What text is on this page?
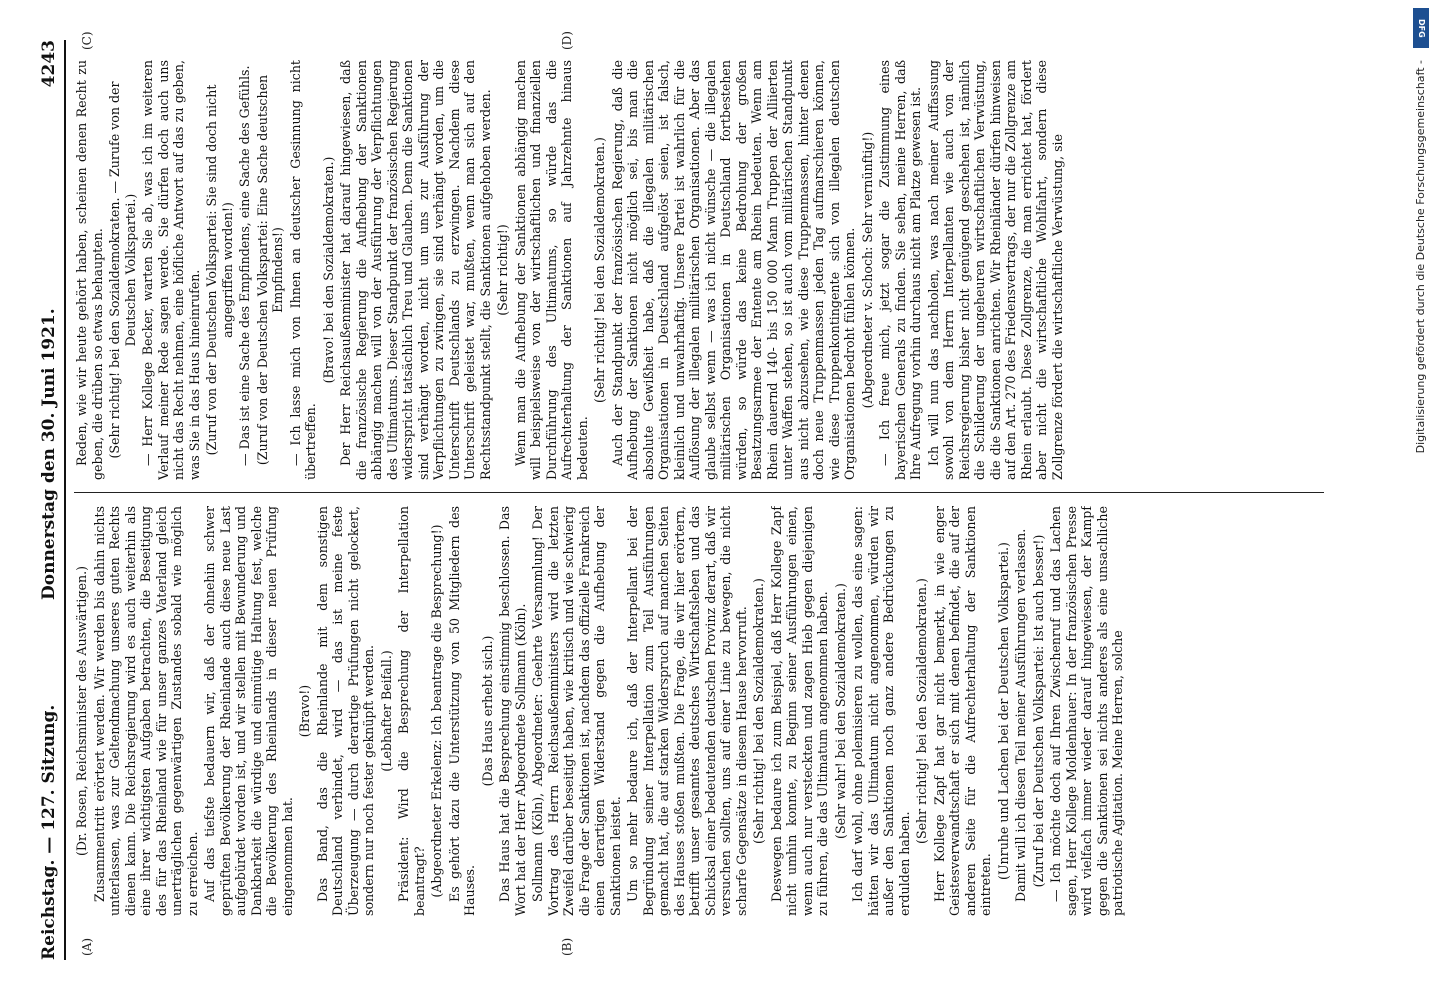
Reichstag. — 127. Sitzung.
Donnerstag den 30. Juni 1921.
4243
(A)	(B)
(C)	(D)

(Dr. Rosen, Reichsminister des Auswärtigen.) Zusammentritt erörtert werden. Wir werden bis dahin nichts unterlassen, was zur Geltendmachung unseres guten Rechts dienen kann. Die Reichsregierung wird es auch weiterhin als eine ihrer wichtigsten Aufgaben betrachten, die Beseitigung des für das Rheinland wie für unser ganzes Vaterland gleich unerträglichen gegenwärtigen Zustandes sobald wie möglich zu erreichen. Auf das tiefste bedauern wir, daß der ohnehin schwer geprüften Bevölkerung der Rheinlande auch diese neue Last aufgebürdet worden ist, und wir stellen mit Bewunderung und Dankbarkeit die würdige und einmütige Haltung fest, welche die Bevölkerung des Rheinlands in dieser neuen Prüfung eingenommen hat.

(Bravo!) Das Band, das die Rheinlande mit dem sonstigen Deutschland verbindet, wird — das ist meine feste Überzeugung — durch derartige Prüfungen nicht gelockert, sondern nur noch fester geknüpft werden. (Lebhafter Beifall.) Präsident: Wird die Besprechung der Interpellation beantragt? (Abgeordneter Erkelenz: Ich beantrage die Besprechung!) Es gehört dazu die Unterstützung von 50 Mitgliedern des Hauses.

(Das Haus erhebt sich.) Das Haus hat die Besprechung einstimmig beschlossen. Das Wort hat der Herr Abgeordnete Sollmann (Köln). Sollmann (Köln), Abgeordneter: Geehrte Versammlung! Der Vortrag des Herrn Reichsaußenministers wird die letzten Zweifel darüber beseitigt haben, wie kritisch und wie schwierig die Frage der Sanktionen ist, nachdem das offizielle Frankreich einen derartigen Widerstand gegen die Aufhebung der Sanktionen leistet. Um so mehr bedaure ich, daß der Interpellant bei der Begründung seiner Interpellation zum Teil Ausführungen gemacht hat, die auf starken Widerspruch auf manchen Seiten des Hauses stoßen mußten. Die Frage, die wir hier erörtern, betrifft unser gesamtes deutsches Wirtschaftsleben und das Schicksal einer bedeutenden deutschen Provinz derart, daß wir versuchen sollten, uns auf einer Linie zu bewegen, die nicht scharfe Gegensätze in diesem Hause hervorruft. (Sehr richtig! bei den Sozialdemokraten.) Deswegen bedaure ich zum Beispiel, daß Herr Kollege Zapf nicht umhin konnte, zu Beginn seiner Ausführungen einen, wenn auch nur versteckten und zagen Hieb gegen diejenigen zu führen, die das Ultimatum angenommen haben. (Sehr wahr! bei den Sozialdemokraten.) Ich darf wohl, ohne polemisieren zu wollen, das eine sagen: hätten wir das Ultimatum nicht angenommen, würden wir außer den Sanktionen noch ganz andere Bedrückungen zu erdulden haben.

(Sehr richtig! bei den Sozialdemokraten.) Herr Kollege Zapf hat gar nicht bemerkt, in wie enger Geistesverwandtschaft er sich mit denen befindet, die auf der anderen Seite für die Aufrechterhaltung der Sanktionen eintreten.

(Unruhe und Lachen bei der Deutschen Volkspartei.) Damit will ich diesen Teil meiner Ausführungen verlassen. (Zuruf bei der Deutschen Volkspartei: Ist auch besser!) — Ich möchte doch auf Ihren Zwischenruf und das Lachen sagen, Herr Kollege Moldenhauer: In der französischen Presse wird vielfach immer wieder darauf hingewiesen, der Kampf gegen die Sanktionen sei nichts anderes als eine unsachliche patriotische Agitation. Meine Herren, solche

Reden, wie wir heute gehört haben, scheinen denen Recht zu geben, die drüben so etwas behaupten. (Sehr richtig! bei den Sozialdemokraten. — Zurufe von der Deutschen Volkspartei.) — Herr Kollege Becker, warten Sie ab, was ich im weiteren Verlauf meiner Rede sagen werde. Sie dürfen doch auch uns nicht das Recht nehmen, eine höfliche Antwort auf das zu geben, was Sie in das Haus hineinrufen. (Zuruf von der Deutschen Volkspartei: Sie sind doch nicht angegriffen worden!) — Das ist eine Sache des Empfindens, eine Sache des Gefühls. (Zuruf von der Deutschen Volkspartei: Eine Sache deutschen Empfindens!) — Ich lasse mich von Ihnen an deutscher Gesinnung nicht übertreffen.

(Bravo! bei den Sozialdemokraten.) Der Herr Reichsaußenminister hat darauf hingewiesen, daß die französische Regierung die Aufhebung der Sanktionen abhängig machen will von der Ausführung der Verpflichtungen des Ultimatums. Dieser Standpunkt der französischen Regierung widerspricht tatsächlich Treu und Glauben. Denn die Sanktionen sind verhängt worden, nicht um uns zur Ausführung der Verpflichtungen zu zwingen, sie sind verhängt worden, um die Unterschrift Deutschlands zu erzwingen. Nachdem diese Unterschrift geleistet war, mußten, wenn man sich auf den Rechtsstandpunkt stellt, die Sanktionen aufgehoben werden. (Sehr richtig!) Wenn man die Aufhebung der Sanktionen abhängig machen will beispielsweise von der wirtschaftlichen und finanziellen Durchführung des Ultimatums, so würde das die Aufrechterhaltung der Sanktionen auf Jahrzehnte hinaus bedeuten.

(Sehr richtig! bei den Sozialdemokraten.) Auch der Standpunkt der französischen Regierung, daß die Aufhebung der Sanktionen nicht möglich sei, bis man die absolute Gewißheit habe, daß die illegalen militärischen Organisationen in Deutschland aufgelöst seien, ist falsch, kleinlich und unwahrhaftig. Unsere Partei ist wahrlich für die Auflösung der illegalen militärischen Organisationen. Aber das glaube selbst wenn — was ich nicht wünsche — die illegalen militärischen Organisationen in Deutschland fortbestehen würden, so würde das keine Bedrohung der großen Besatzungsarmee der Entente am Rhein bedeuten. Wenn am Rhein dauernd 140- bis 150 000 Mann Truppen der Alliierten unter Waffen stehen, so ist auch vom militärischen Standpunkt aus nicht abzusehen, wie diese Truppenmassen, hinter denen doch neue Truppenmassen jeden Tag aufmarschieren können, wie diese Truppenkontingente sich von illegalen deutschen Organisationen bedroht fühlen können. (Abgeordneter v. Schoch: Sehr vernünftig!) — Ich freue mich, jetzt sogar die Zustimmung eines bayerischen Generals zu finden. Sie sehen, meine Herren, daß Ihre Aufregung vorhin durchaus nicht am Platze gewesen ist. Ich will nun das nachholen, was nach meiner Auffassung sowohl von dem Herrn Interpellanten wie auch von der Reichsregierung bisher nicht genügend geschehen ist, nämlich die Schilderung der ungeheuren wirtschaftlichen Verwüstung, die die Sanktionen anrichten. Wir Rheinländer dürfen hinweisen auf den Art. 270 des Friedensvertrags, der nur die Zollgrenze am Rhein erlaubt. Diese Zollgrenze, die man errichtet hat, fördert aber nicht die wirtschaftliche Wohlfahrt, sondern diese Zollgrenze fördert die wirtschaftliche Verwüstung, sie	Digitalisierung gefördert durch die Deutsche Forschungsgemeinschaft -
DFG
